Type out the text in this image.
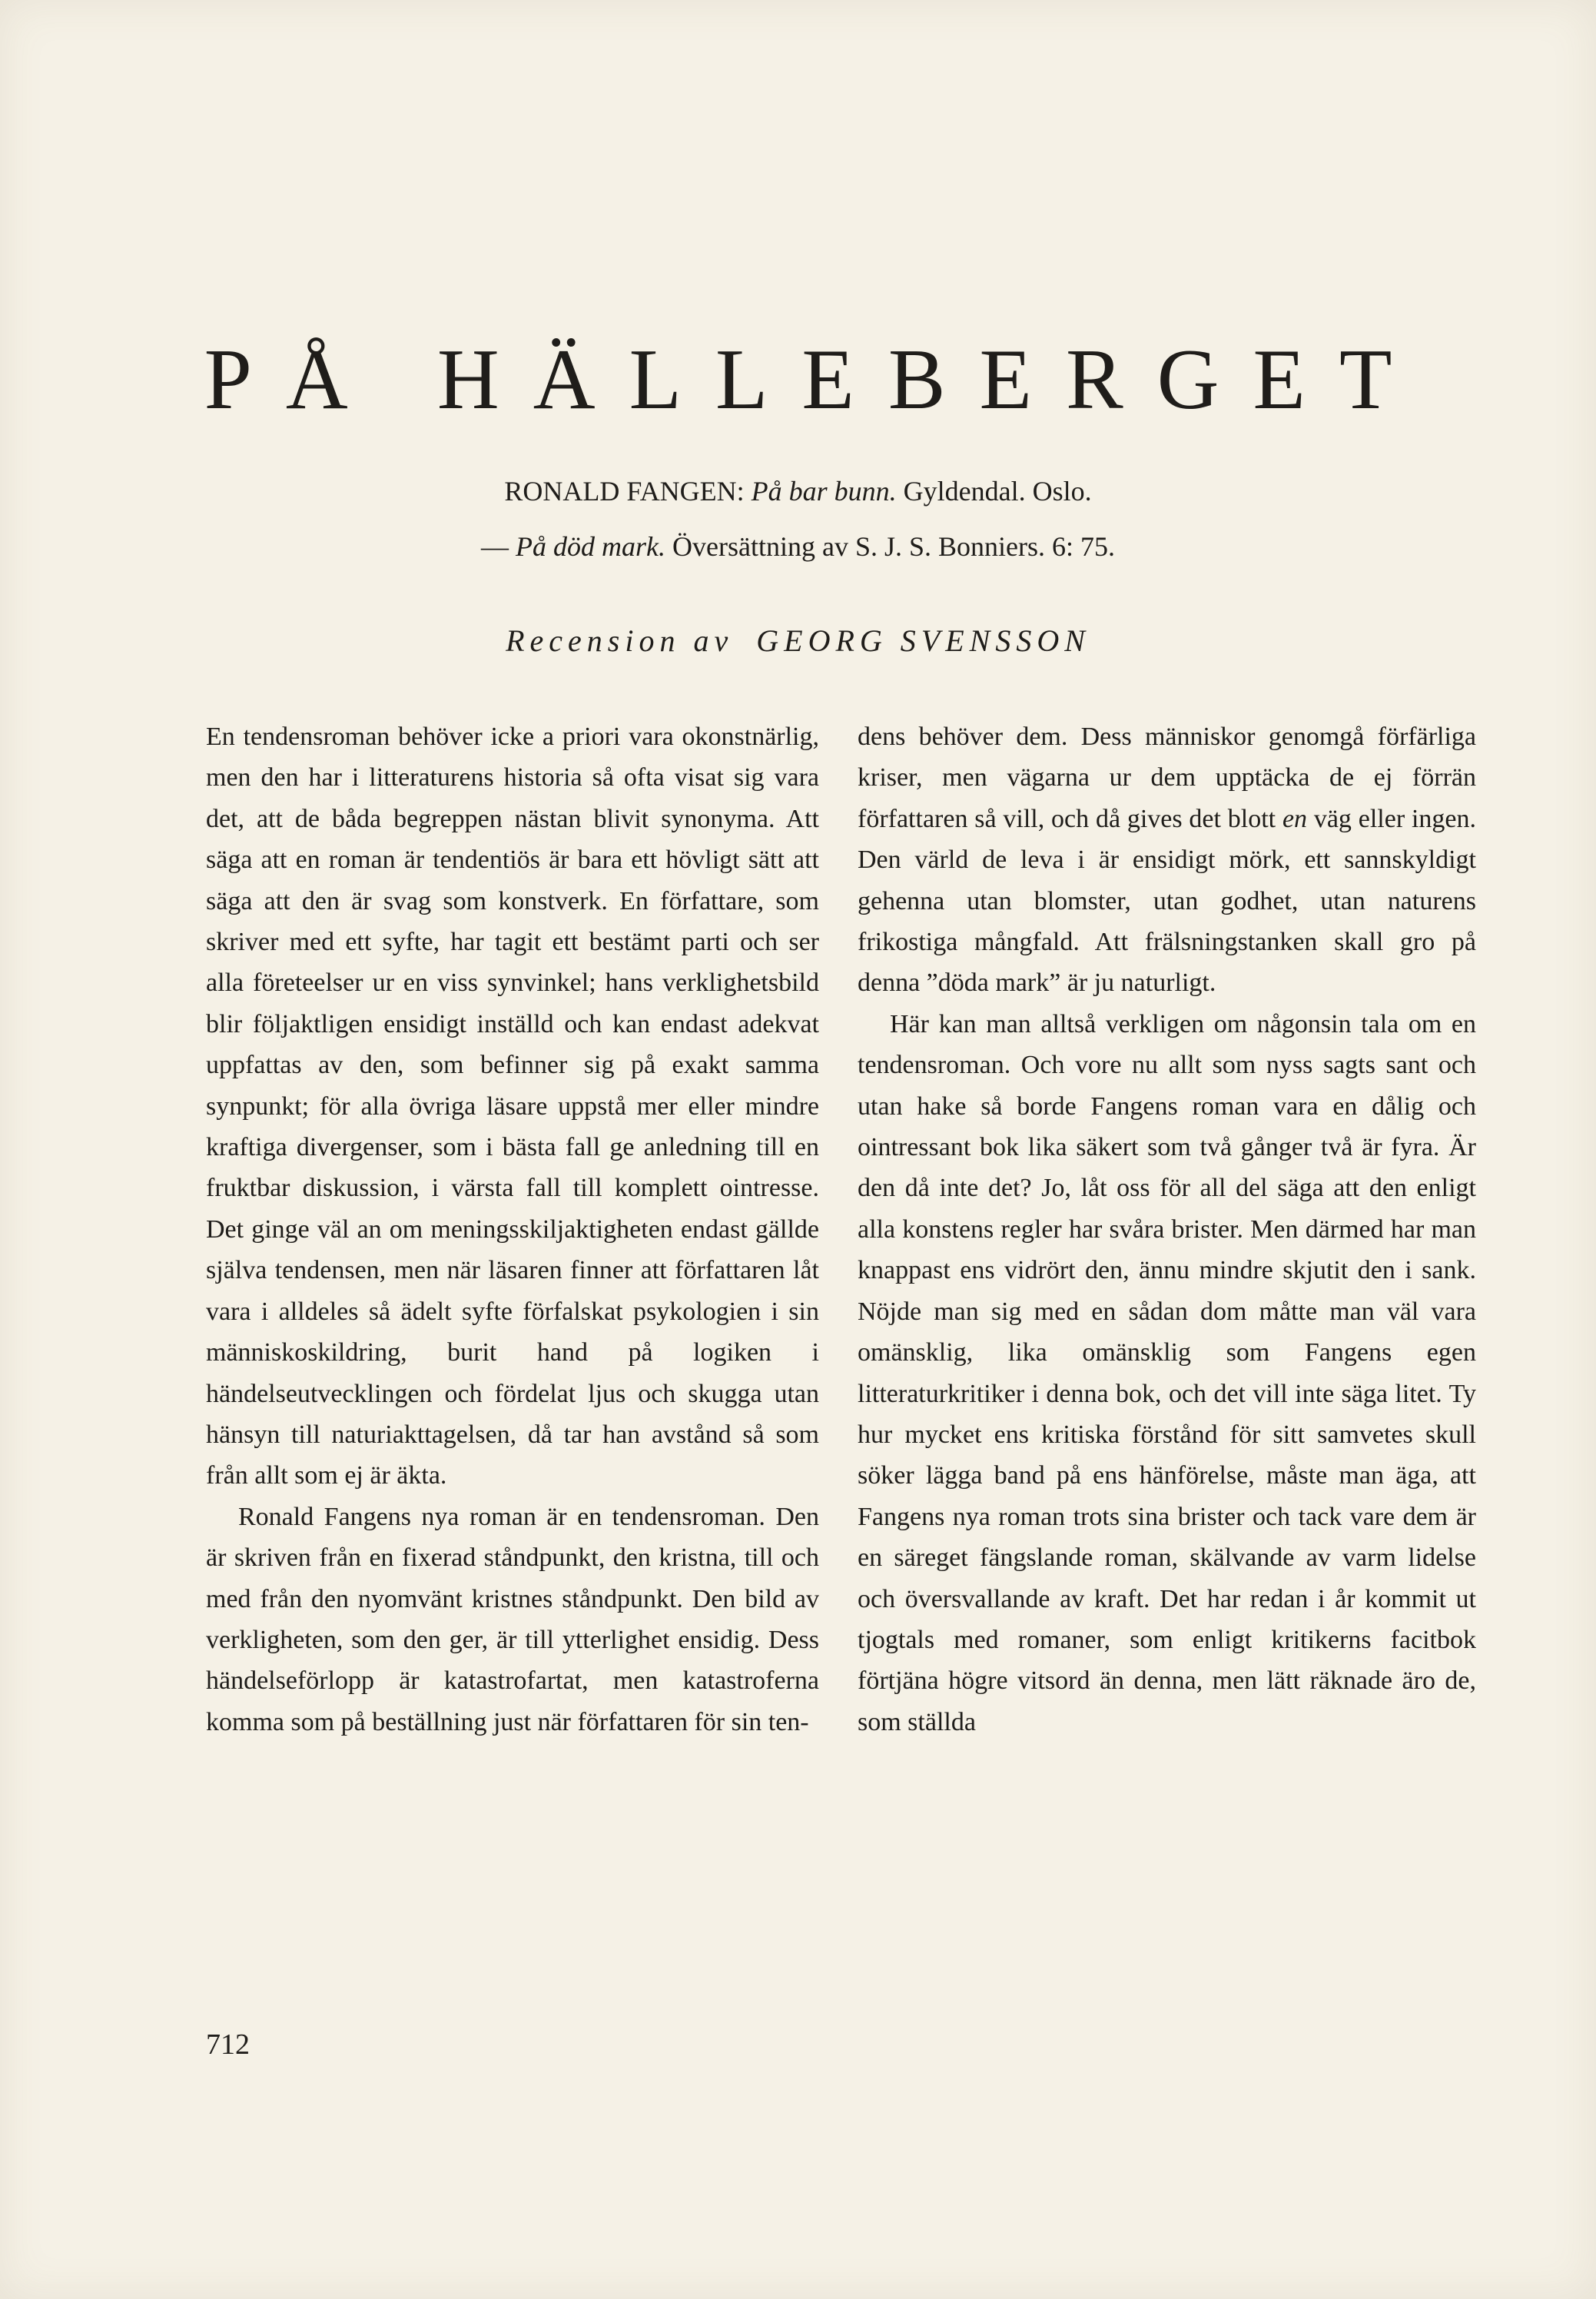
PÅ HÄLLEBERGET
RONALD FANGEN: På bar bunn. Gyldendal. Oslo.
— På död mark. Översättning av S. J. S. Bonniers. 6: 75.
Recension av GEORG SVENSSON

En tendensroman behöver icke a priori vara okonstnärlig, men den har i litteraturens historia så ofta visat sig vara det, att de båda begreppen nästan blivit synonyma. Att säga att en roman är tendentiös är bara ett hövligt sätt att säga att den är svag som konstverk. En författare, som skriver med ett syfte, har tagit ett bestämt parti och ser alla företeelser ur en viss synvinkel; hans verklighetsbild blir följaktligen ensidigt inställd och kan endast adekvat uppfattas av den, som befinner sig på exakt samma synpunkt; för alla övriga läsare uppstå mer eller mindre kraftiga divergenser, som i bästa fall ge anledning till en fruktbar diskussion, i värsta fall till komplett ointresse. Det ginge väl an om meningsskiljaktigheten endast gällde själva tendensen, men när läsaren finner att författaren låt vara i alldeles så ädelt syfte förfalskat psykologien i sin människoskildring, burit hand på logiken i händelseutvecklingen och fördelat ljus och skugga utan hänsyn till naturiakttagelsen, då tar han avstånd så som från allt som ej är äkta.

Ronald Fangens nya roman är en tendensroman. Den är skriven från en fixerad ståndpunkt, den kristna, till och med från den nyomvänt kristnes ståndpunkt. Den bild av verkligheten, som den ger, är till ytterlighet ensidig. Dess händelseförlopp är katastrofartat, men katastroferna komma som på beställning just när författaren för sin ten-

dens behöver dem. Dess människor genomgå förfärliga kriser, men vägarna ur dem upptäcka de ej förrän författaren så vill, och då gives det blott en väg eller ingen. Den värld de leva i är ensidigt mörk, ett sannskyldigt gehenna utan blomster, utan godhet, utan naturens frikostiga mångfald. Att frälsningstanken skall gro på denna ”döda mark” är ju naturligt.

Här kan man alltså verkligen om någonsin tala om en tendensroman. Och vore nu allt som nyss sagts sant och utan hake så borde Fangens roman vara en dålig och ointressant bok lika säkert som två gånger två är fyra. Är den då inte det? Jo, låt oss för all del säga att den enligt alla konstens regler har svåra brister. Men därmed har man knappast ens vidrört den, ännu mindre skjutit den i sank. Nöjde man sig med en sådan dom måtte man väl vara omänsklig, lika omänsklig som Fangens egen litteraturkritiker i denna bok, och det vill inte säga litet. Ty hur mycket ens kritiska förstånd för sitt samvetes skull söker lägga band på ens hänförelse, måste man äga, att Fangens nya roman trots sina brister och tack vare dem är en säreget fängslande roman, skälvande av varm lidelse och översvallande av kraft. Det har redan i år kommit ut tjogtals med romaner, som enligt kritikerns facitbok förtjäna högre vitsord än denna, men lätt räknade äro de, som ställda

712
